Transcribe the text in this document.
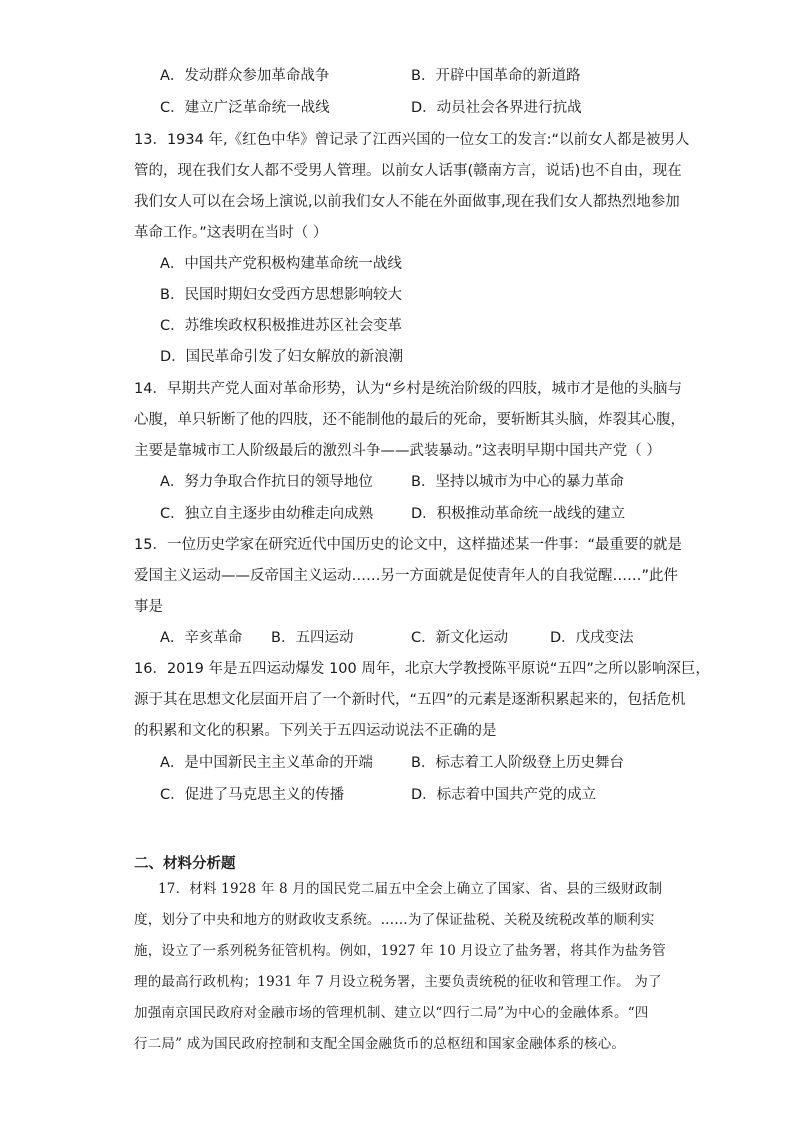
A．发动群众参加革命战争	B．开辟中国革命的新道路
C．建立广泛革命统一战线	D．动员社会各界进行抗战
13．1934 年,《红色中华》曾记录了江西兴国的一位女工的发言:“以前女人都是被男人
管的，现在我们女人都不受男人管理。以前女人话事(赣南方言，说话)也不自由，现在
我们女人可以在会场上演说,以前我们女人不能在外面做事,现在我们女人都热烈地参加
革命工作。”这表明在当时（ ）
A．中国共产党积极构建革命统一战线
B．民国时期妇女受西方思想影响较大
C．苏维埃政权积极推进苏区社会变革
D．国民革命引发了妇女解放的新浪潮
14．早期共产党人面对革命形势，认为“乡村是统治阶级的四肢，城市才是他的头脑与
心腹，单只斩断了他的四肢，还不能制他的最后的死命，要斩断其头脑，炸裂其心腹，
主要是靠城市工人阶级最后的激烈斗争——武装暴动。”这表明早期中国共产党（ ）
A．努力争取合作抗日的领导地位	B．坚持以城市为中心的暴力革命
C．独立自主逐步由幼稚走向成熟	D．积极推动革命统一战线的建立
15．一位历史学家在研究近代中国历史的论文中，这样描述某一件事：“最重要的就是
爱国主义运动——反帝国主义运动……另一方面就是促使青年人的自我觉醒……”此件
事是
A．辛亥革命 B．五四运动	C．新文化运动	D．戊戌变法
16．2019 年是五四运动爆发 100 周年，北京大学教授陈平原说“五四”之所以影响深巨，
源于其在思想文化层面开启了一个新时代，“五四”的元素是逐渐积累起来的，包括危机
的积累和文化的积累。下列关于五四运动说法不正确的是
A．是中国新民主主义革命的开端	B．标志着工人阶级登上历史舞台
C．促进了马克思主义的传播	D．标志着中国共产党的成立
二、材料分析题
17．材料 1928 年 8 月的国民党二届五中全会上确立了国家、省、县的三级财政制
度，划分了中央和地方的财政收支系统。……为了保证盐税、关税及统税改革的顺利实
施，设立了一系列税务征管机构。例如，1927 年 10 月设立了盐务署，将其作为盐务管
理的最高行政机构；1931 年 7 月设立税务署，主要负责统税的征收和管理工作。 为了
加强南京国民政府对金融市场的管理机制、建立以“四行二局”为中心的金融体系。“四
行二局” 成为国民政府控制和支配全国金融货币的总枢纽和国家金融体系的核心。
